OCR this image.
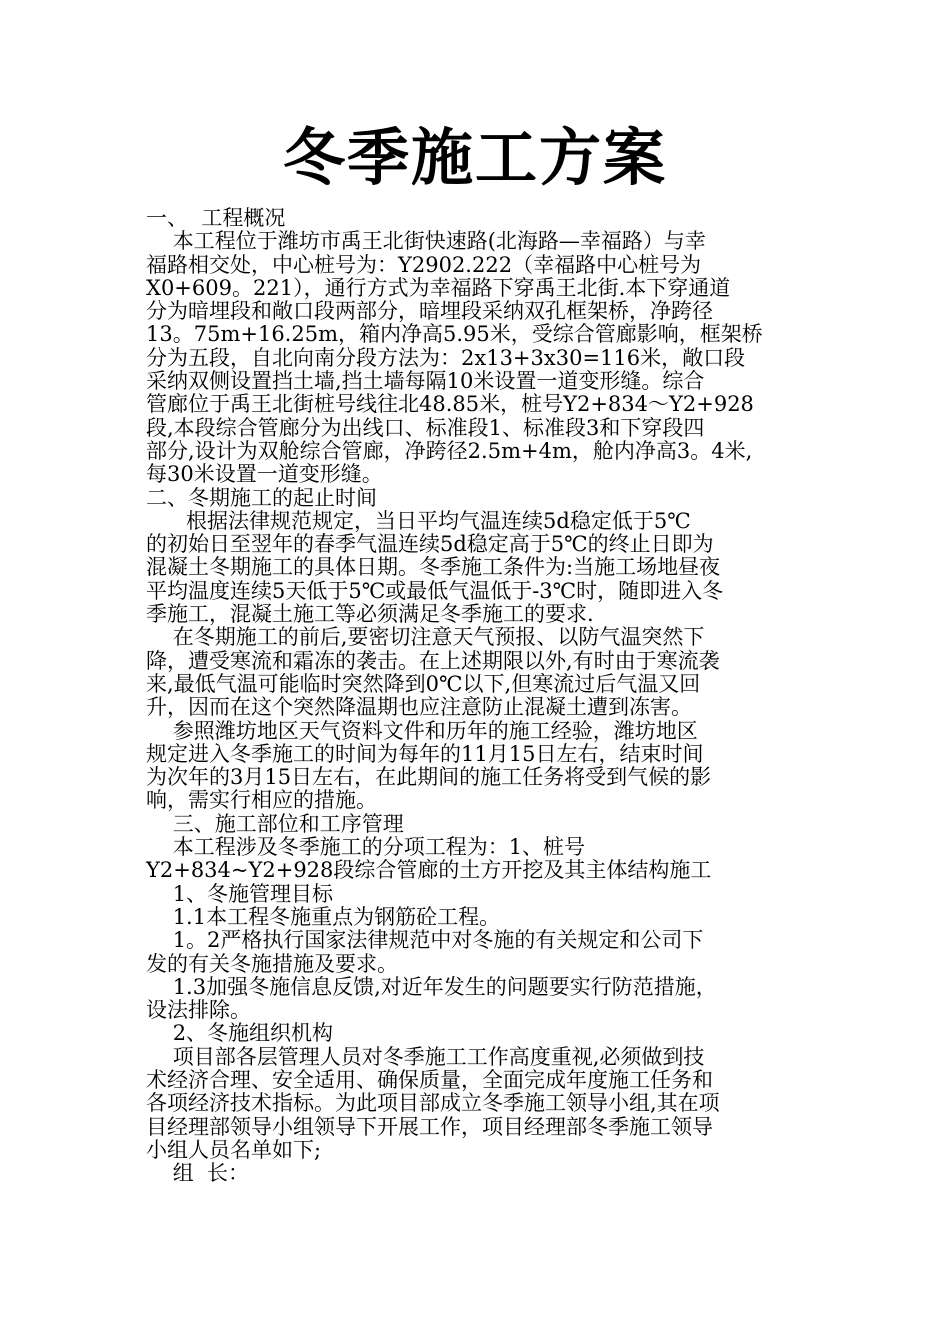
冬季施工方案
一、  工程概况
本工程位于潍坊市禹王北街快速路(北海路—幸福路）与幸
福路相交处，中心桩号为：Y2902.222（幸福路中心桩号为
X0+609。221），通行方式为幸福路下穿禹王北街.本下穿通道
分为暗埋段和敞口段两部分，暗埋段采纳双孔框架桥，净跨径
13。75m+16.25m，箱内净高5.95米，受综合管廊影响，框架桥
分为五段，自北向南分段方法为：2x13+3x30=116米，敞口段
采纳双侧设置挡土墙,挡土墙每隔10米设置一道变形缝。综合
管廊位于禹王北街桩号线往北48.85米，桩号Y2+834～Y2+928
段,本段综合管廊分为出线口、标准段1、标准段3和下穿段四
部分,设计为双舱综合管廊，净跨径2.5m+4m，舱内净高3。4米,
每30米设置一道变形缝。
二、冬期施工的起止时间
根据法律规范规定，当日平均气温连续5d稳定低于5℃
的初始日至翌年的春季气温连续5d稳定高于5℃的终止日即为
混凝土冬期施工的具体日期。冬季施工条件为:当施工场地昼夜
平均温度连续5天低于5℃或最低气温低于-3℃时，随即进入冬
季施工，混凝土施工等必须满足冬季施工的要求.
在冬期施工的前后,要密切注意天气预报、以防气温突然下
降，遭受寒流和霜冻的袭击。在上述期限以外,有时由于寒流袭
来,最低气温可能临时突然降到0℃以下,但寒流过后气温又回
升，因而在这个突然降温期也应注意防止混凝土遭到冻害。
参照潍坊地区天气资料文件和历年的施工经验，潍坊地区
规定进入冬季施工的时间为每年的11月15日左右，结束时间
为次年的3月15日左右，在此期间的施工任务将受到气候的影
响，需实行相应的措施。
三、施工部位和工序管理
本工程涉及冬季施工的分项工程为：1、桩号
Y2+834~Y2+928段综合管廊的土方开挖及其主体结构施工
1、冬施管理目标
1.1本工程冬施重点为钢筋砼工程。
1。2严格执行国家法律规范中对冬施的有关规定和公司下
发的有关冬施措施及要求。
1.3加强冬施信息反馈,对近年发生的问题要实行防范措施，
设法排除。
2、冬施组织机构
项目部各层管理人员对冬季施工工作高度重视,必须做到技
术经济合理、安全适用、确保质量，全面完成年度施工任务和
各项经济技术指标。为此项目部成立冬季施工领导小组,其在项
目经理部领导小组领导下开展工作，项目经理部冬季施工领导
小组人员名单如下;
组  长：
